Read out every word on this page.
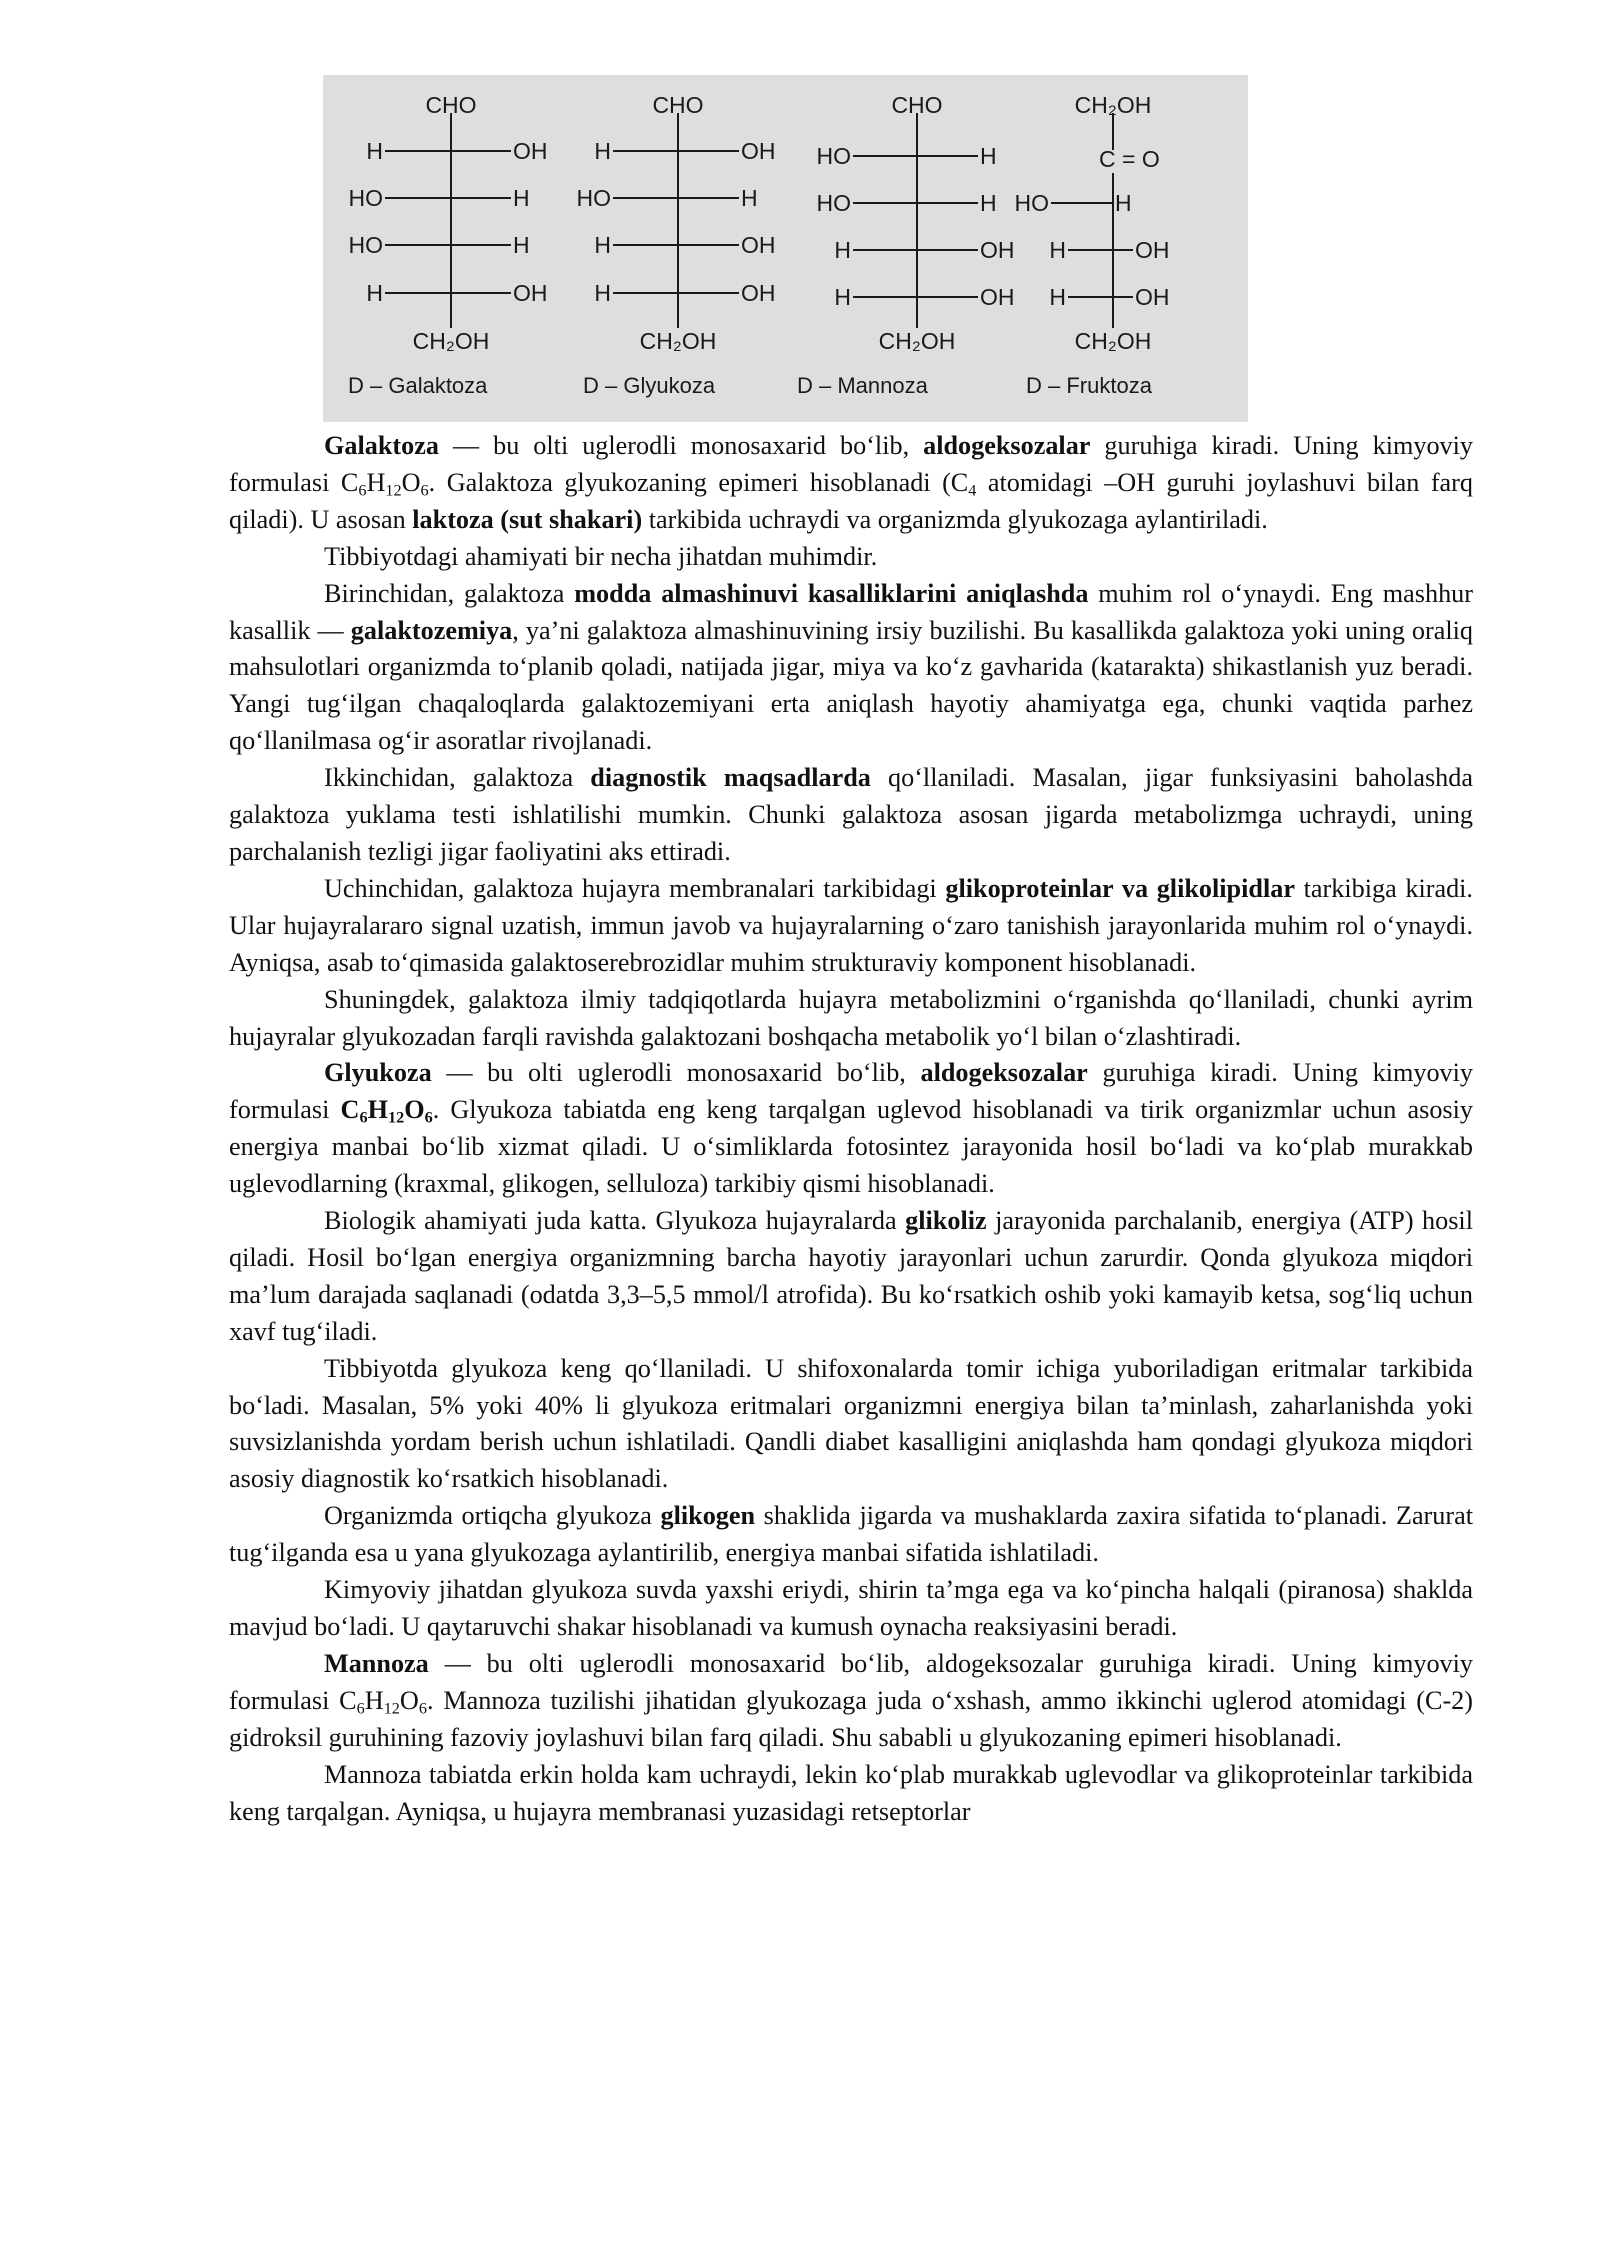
CHO
H	OH
HO	H
HO	H
H	OH
CH₂OH
D – Galaktoza
CHO
H	OH
HO	H
H	OH
H	OH
CH₂OH
D – Glyukoza
CHO
HO	H
HO	H
H	OH
H	OH
CH₂OH
D – Mannoza
CH₂OH
C = O
HO	H
H	OH
H	OH
CH₂OH
D – Fruktoza

Galaktoza — bu olti uglerodli monosaxarid bo‘lib, aldogeksozalar guruhiga kiradi. Uning kimyoviy formulasi $C_6H_{12}O_6$. Galaktoza glyukozaning epimeri hisoblanadi ($C_4$ atomidagi –OH guruhi joylashuvi bilan farq qiladi). U asosan laktoza (sut shakari) tarkibida uchraydi va organizmda glyukozaga aylantiriladi.

Tibbiyotdagi ahamiyati bir necha jihatdan muhimdir.

Birinchidan, galaktoza modda almashinuvi kasalliklarini aniqlashda muhim rol o‘ynaydi. Eng mashhur kasallik — galaktozemiya, ya’ni galaktoza almashinuvining irsiy buzilishi. Bu kasallikda galaktoza yoki uning oraliq mahsulotlari organizmda to‘planib qoladi, natijada jigar, miya va ko‘z gavharida (katarakta) shikastlanish yuz beradi. Yangi tug‘ilgan chaqaloqlarda galaktozemiyani erta aniqlash hayotiy ahamiyatga ega, chunki vaqtida parhez qo‘llanilmasa og‘ir asoratlar rivojlanadi.

Ikkinchidan, galaktoza diagnostik maqsadlarda qo‘llaniladi. Masalan, jigar funksiyasini baholashda galaktoza yuklama testi ishlatilishi mumkin. Chunki galaktoza asosan jigarda metabolizmga uchraydi, uning parchalanish tezligi jigar faoliyatini aks ettiradi.

Uchinchidan, galaktoza hujayra membranalari tarkibidagi glikoproteinlar va glikolipidlar tarkibiga kiradi. Ular hujayralararo signal uzatish, immun javob va hujayralarning o‘zaro tanishish jarayonlarida muhim rol o‘ynaydi. Ayniqsa, asab to‘qimasida galaktoserebrozidlar muhim strukturaviy komponent hisoblanadi.

Shuningdek, galaktoza ilmiy tadqiqotlarda hujayra metabolizmini o‘rganishda qo‘llaniladi, chunki ayrim hujayralar glyukozadan farqli ravishda galaktozani boshqacha metabolik yo‘l bilan o‘zlashtiradi.

Glyukoza — bu olti uglerodli monosaxarid bo‘lib, aldogeksozalar guruhiga kiradi. Uning kimyoviy formulasi $C_6H_{12}O_6$. Glyukoza tabiatda eng keng tarqalgan uglevod hisoblanadi va tirik organizmlar uchun asosiy energiya manbai bo‘lib xizmat qiladi. U o‘simliklarda fotosintez jarayonida hosil bo‘ladi va ko‘plab murakkab uglevodlarning (kraxmal, glikogen, selluloza) tarkibiy qismi hisoblanadi.

Biologik ahamiyati juda katta. Glyukoza hujayralarda glikoliz jarayonida parchalanib, energiya (ATP) hosil qiladi. Hosil bo‘lgan energiya organizmning barcha hayotiy jarayonlari uchun zarurdir. Qonda glyukoza miqdori ma’lum darajada saqlanadi (odatda 3,3–5,5 mmol/l atrofida). Bu ko‘rsatkich oshib yoki kamayib ketsa, sog‘liq uchun xavf tug‘iladi.

Tibbiyotda glyukoza keng qo‘llaniladi. U shifoxonalarda tomir ichiga yuboriladigan eritmalar tarkibida bo‘ladi. Masalan, 5% yoki 40% li glyukoza eritmalari organizmni energiya bilan ta’minlash, zaharlanishda yoki suvsizlanishda yordam berish uchun ishlatiladi. Qandli diabet kasalligini aniqlashda ham qondagi glyukoza miqdori asosiy diagnostik ko‘rsatkich hisoblanadi.

Organizmda ortiqcha glyukoza glikogen shaklida jigarda va mushaklarda zaxira sifatida to‘planadi. Zarurat tug‘ilganda esa u yana glyukozaga aylantirilib, energiya manbai sifatida ishlatiladi.

Kimyoviy jihatdan glyukoza suvda yaxshi eriydi, shirin ta’mga ega va ko‘pincha halqali (piranosa) shaklda mavjud bo‘ladi. U qaytaruvchi shakar hisoblanadi va kumush oynacha reaksiyasini beradi.

Mannoza — bu olti uglerodli monosaxarid bo‘lib, aldogeksozalar guruhiga kiradi. Uning kimyoviy formulasi $C_6H_{12}O_6$. Mannoza tuzilishi jihatidan glyukozaga juda o‘xshash, ammo ikkinchi uglerod atomidagi (C-2) gidroksil guruhining fazoviy joylashuvi bilan farq qiladi. Shu sababli u glyukozaning epimeri hisoblanadi.

Mannoza tabiatda erkin holda kam uchraydi, lekin ko‘plab murakkab uglevodlar va glikoproteinlar tarkibida keng tarqalgan. Ayniqsa, u hujayra membranasi yuzasidagi retseptorlar
